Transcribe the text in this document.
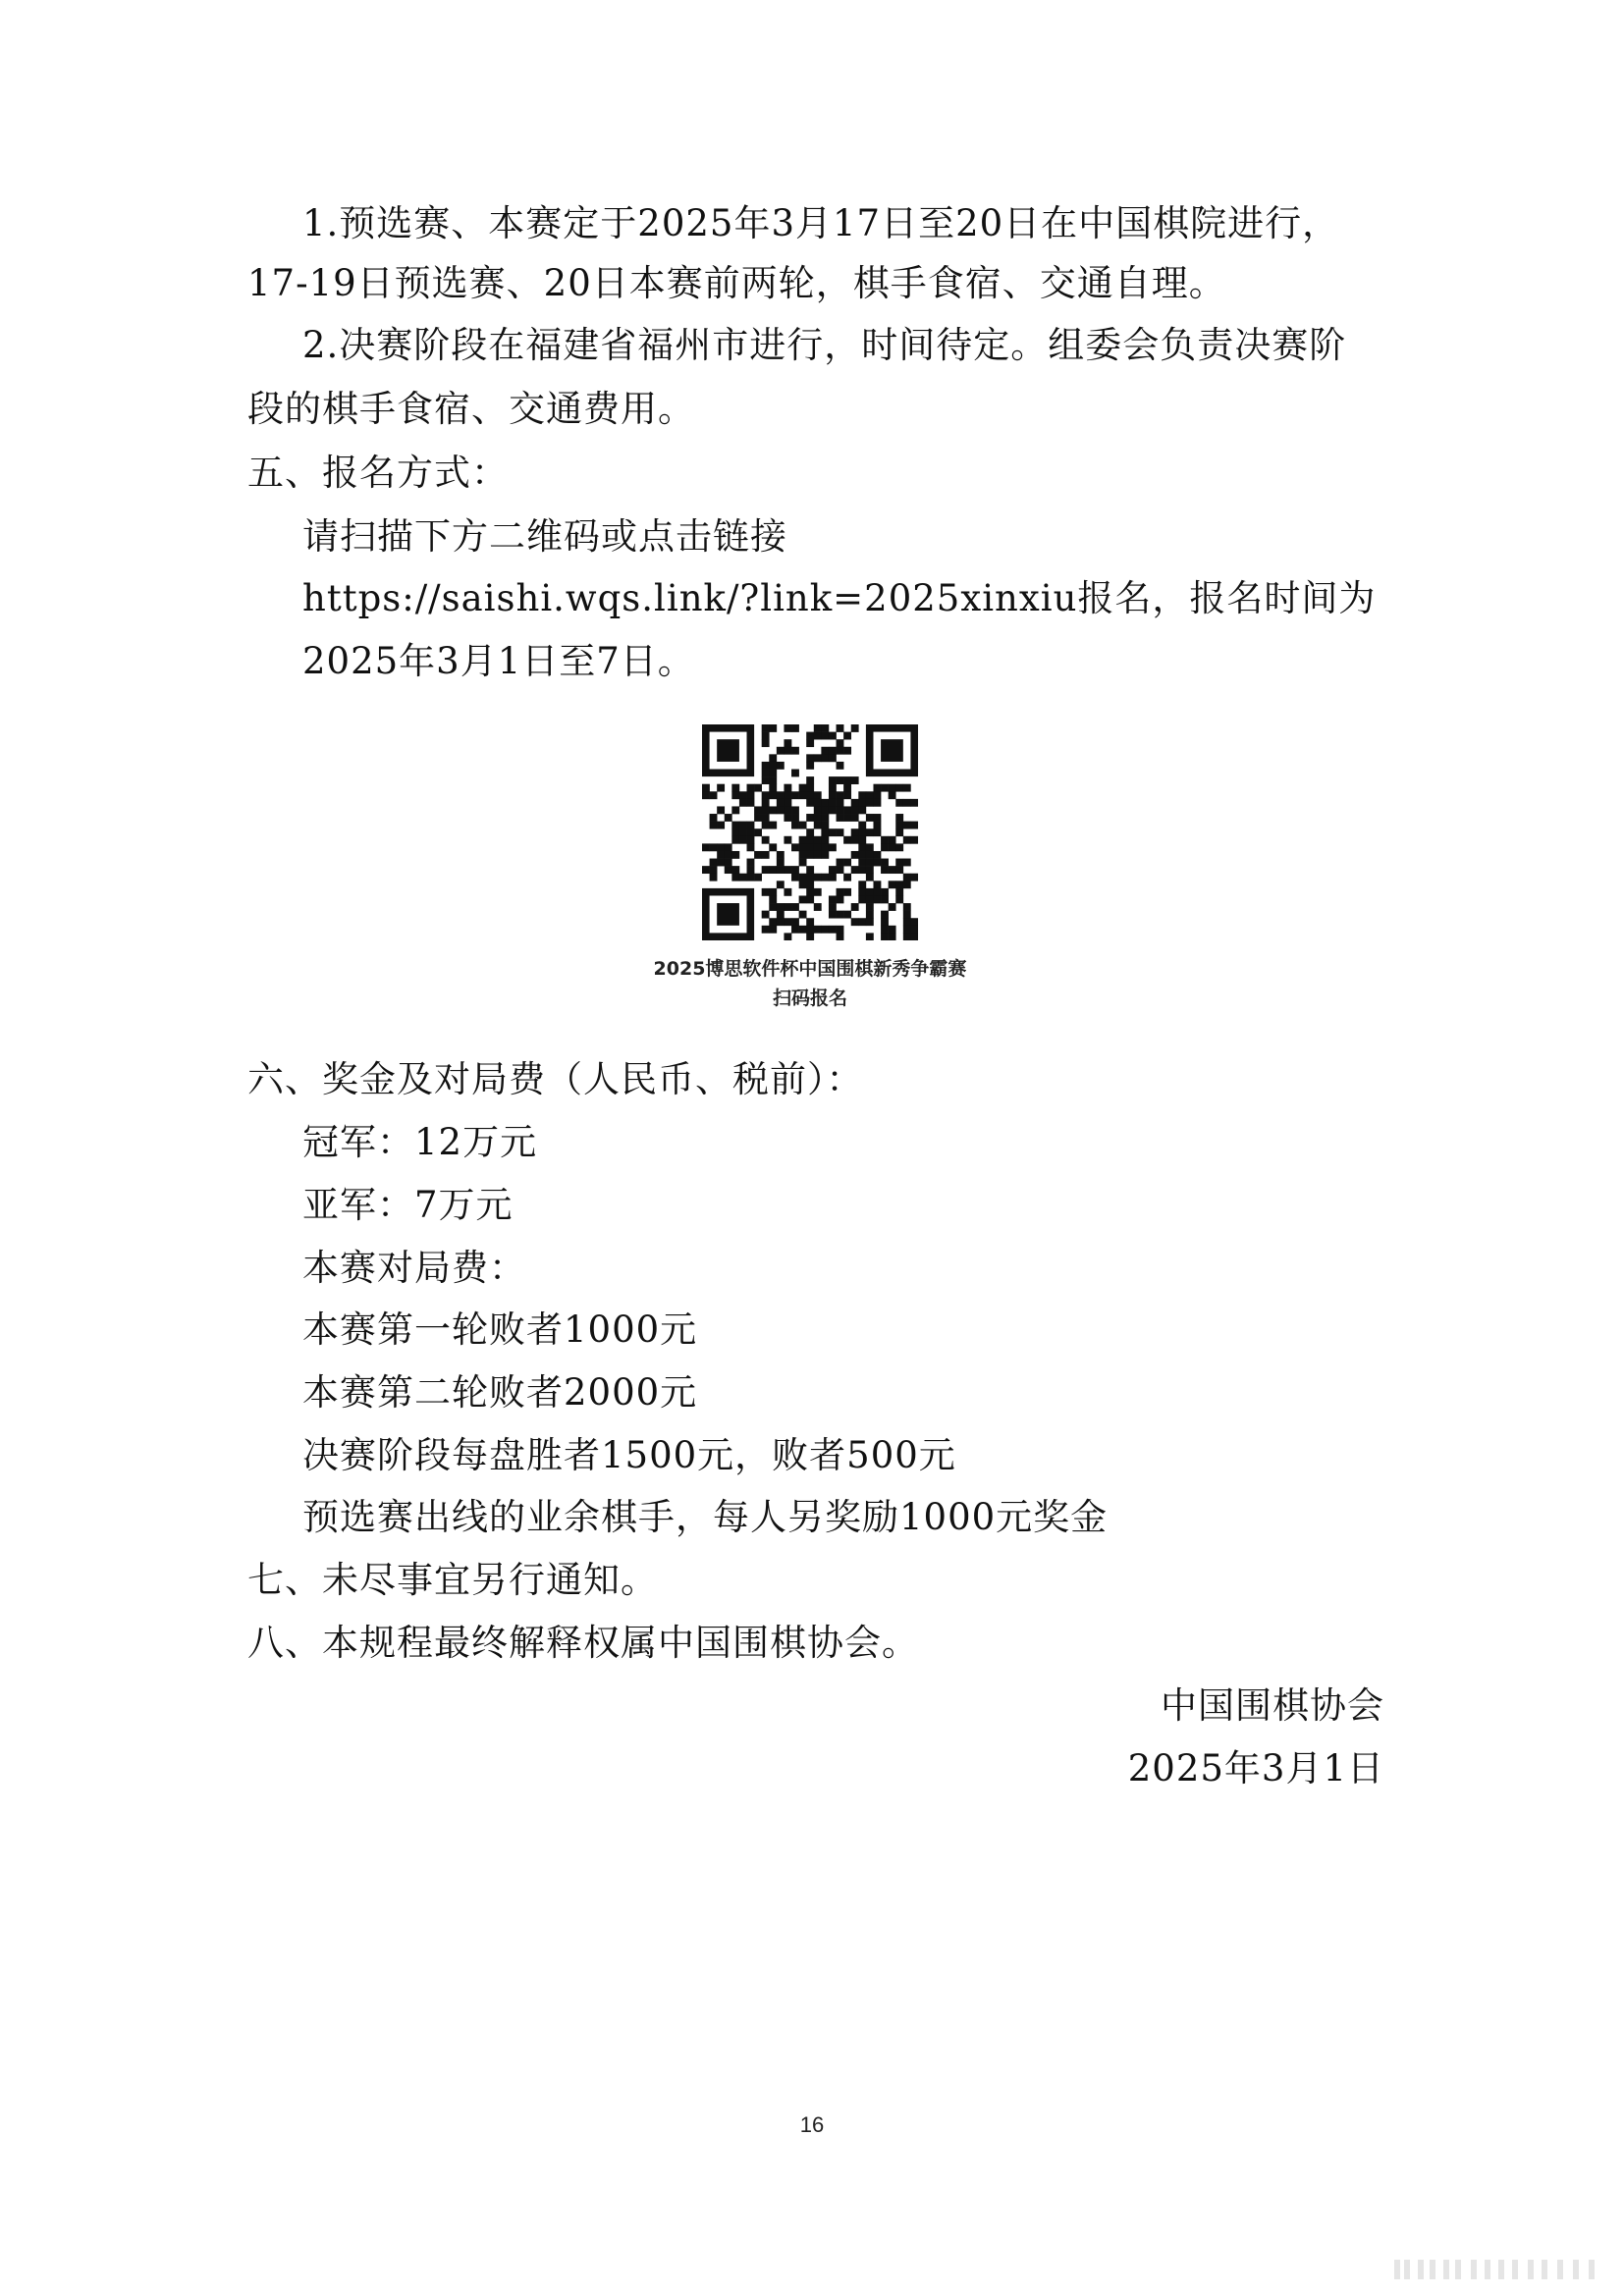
1.预选赛、本赛定于2025年3月17日至20日在中国棋院进行，
17-19日预选赛、20日本赛前两轮，棋手食宿、交通自理。
2.决赛阶段在福建省福州市进行，时间待定。组委会负责决赛阶
段的棋手食宿、交通费用。
五、报名方式：
请扫描下方二维码或点击链接
https://saishi.wqs.link/?link=2025xinxiu报名，报名时间为
2025年3月1日至7日。
2025博思软件杯中国围棋新秀争霸赛
扫码报名
六、奖金及对局费（人民币、税前）：
冠军：12万元
亚军：7万元
本赛对局费：
本赛第一轮败者1000元
本赛第二轮败者2000元
决赛阶段每盘胜者1500元，败者500元
预选赛出线的业余棋手，每人另奖励1000元奖金
七、未尽事宜另行通知。
八、本规程最终解释权属中国围棋协会。
中国围棋协会
2025年3月1日
16
